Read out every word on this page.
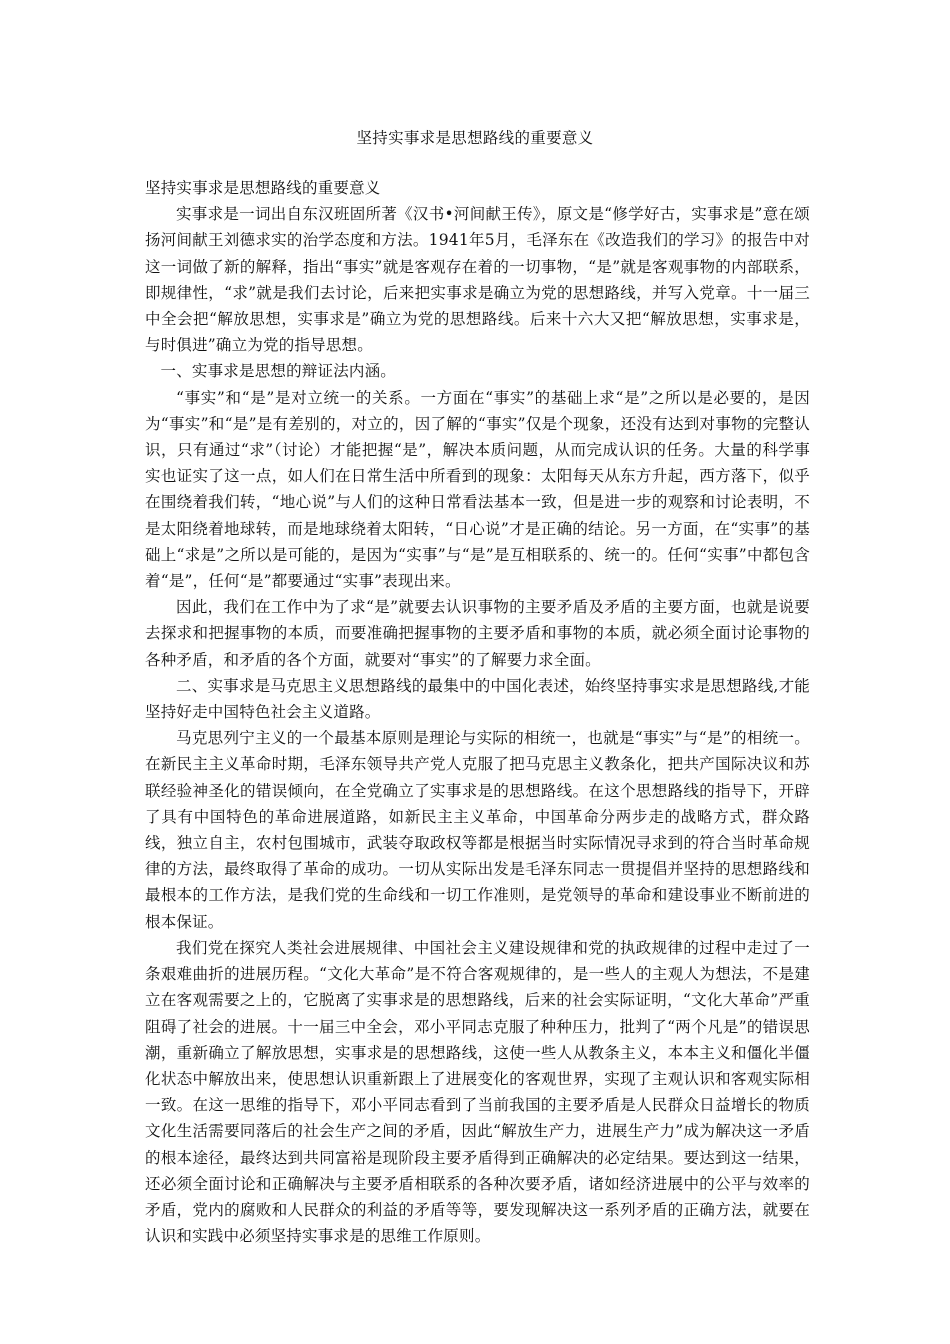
坚持实事求是思想路线的重要意义

坚持实事求是思想路线的重要意义

实事求是一词出自东汉班固所著《汉书•河间献王传》，原文是“修学好古，实事求是”意在颂扬河间献王刘德求实的治学态度和方法。1941年5月，毛泽东在《改造我们的学习》的报告中对这一词做了新的解释，指出“事实”就是客观存在着的一切事物，“是”就是客观事物的内部联系，即规律性，“求”就是我们去讨论，后来把实事求是确立为党的思想路线，并写入党章。十一届三中全会把“解放思想，实事求是”确立为党的思想路线。后来十六大又把“解放思想，实事求是，与时俱进”确立为党的指导思想。

一、实事求是思想的辩证法内涵。

“事实”和“是”是对立统一的关系。一方面在“事实”的基础上求“是”之所以是必要的，是因为“事实”和“是”是有差别的，对立的，因了解的“事实”仅是个现象，还没有达到对事物的完整认识，只有通过“求”（讨论）才能把握“是”，解决本质问题，从而完成认识的任务。大量的科学事实也证实了这一点，如人们在日常生活中所看到的现象：太阳每天从东方升起，西方落下，似乎在围绕着我们转，“地心说”与人们的这种日常看法基本一致，但是进一步的观察和讨论表明，不是太阳绕着地球转，而是地球绕着太阳转，“日心说”才是正确的结论。另一方面，在“实事”的基础上“求是”之所以是可能的，是因为“实事”与“是”是互相联系的、统一的。任何“实事”中都包含着“是”，任何“是”都要通过“实事”表现出来。

因此，我们在工作中为了求“是”就要去认识事物的主要矛盾及矛盾的主要方面，也就是说要去探求和把握事物的本质，而要准确把握事物的主要矛盾和事物的本质，就必须全面讨论事物的各种矛盾，和矛盾的各个方面，就要对“事实”的了解要力求全面。

二、实事求是马克思主义思想路线的最集中的中国化表述，始终坚持事实求是思想路线,才能坚持好走中国特色社会主义道路。

马克思列宁主义的一个最基本原则是理论与实际的相统一，也就是“事实”与“是”的相统一。在新民主主义革命时期，毛泽东领导共产党人克服了把马克思主义教条化，把共产国际决议和苏联经验神圣化的错误倾向，在全党确立了实事求是的思想路线。在这个思想路线的指导下，开辟了具有中国特色的革命进展道路，如新民主主义革命，中国革命分两步走的战略方式，群众路线，独立自主，农村包围城市，武装夺取政权等都是根据当时实际情况寻求到的符合当时革命规律的方法，最终取得了革命的成功。一切从实际出发是毛泽东同志一贯提倡并坚持的思想路线和最根本的工作方法，是我们党的生命线和一切工作准则，是党领导的革命和建设事业不断前进的根本保证。

我们党在探究人类社会进展规律、中国社会主义建设规律和党的执政规律的过程中走过了一条艰难曲折的进展历程。“文化大革命”是不符合客观规律的，是一些人的主观人为想法，不是建立在客观需要之上的，它脱离了实事求是的思想路线，后来的社会实际证明，“文化大革命”严重阻碍了社会的进展。十一届三中全会，邓小平同志克服了种种压力，批判了“两个凡是”的错误思潮，重新确立了解放思想，实事求是的思想路线，这使一些人从教条主义，本本主义和僵化半僵化状态中解放出来，使思想认识重新跟上了进展变化的客观世界，实现了主观认识和客观实际相一致。在这一思维的指导下，邓小平同志看到了当前我国的主要矛盾是人民群众日益增长的物质文化生活需要同落后的社会生产之间的矛盾，因此“解放生产力，进展生产力”成为解决这一矛盾的根本途径，最终达到共同富裕是现阶段主要矛盾得到正确解决的必定结果。要达到这一结果，还必须全面讨论和正确解决与主要矛盾相联系的各种次要矛盾，诸如经济进展中的公平与效率的矛盾，党内的腐败和人民群众的利益的矛盾等等，要发现解决这一系列矛盾的正确方法，就要在认识和实践中必须坚持实事求是的思维工作原则。
